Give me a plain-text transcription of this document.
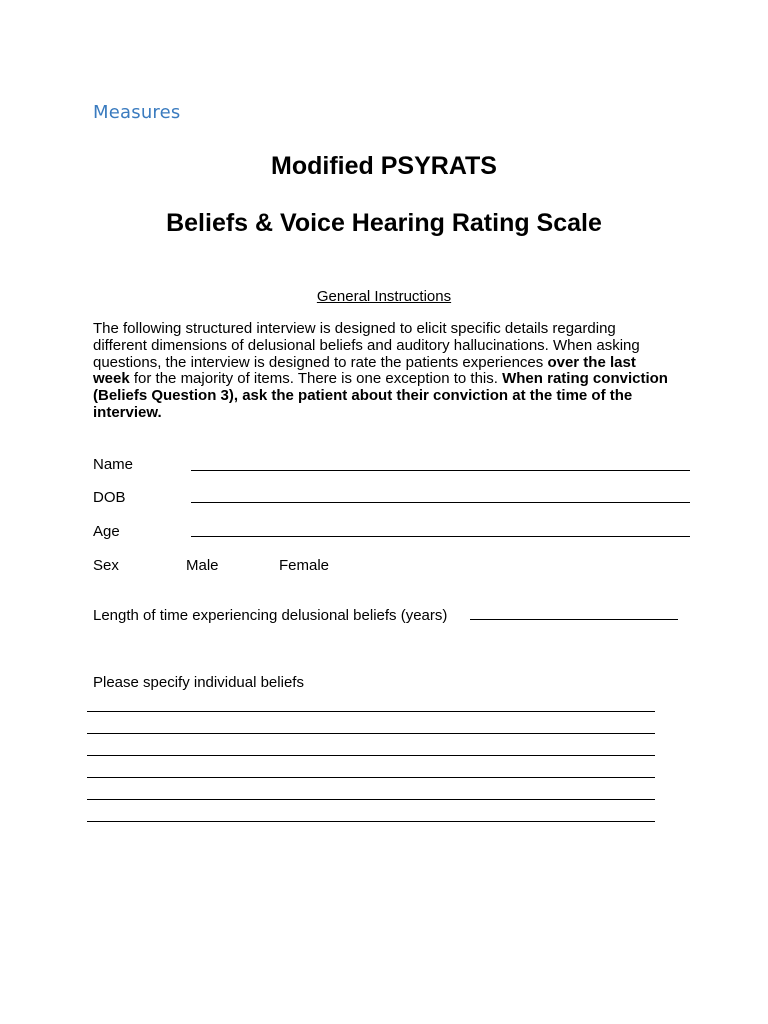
Measures
Modified PSYRATS
Beliefs & Voice Hearing Rating Scale
General Instructions
The following structured interview is designed to elicit specific details regarding different dimensions of delusional beliefs and auditory hallucinations. When asking questions, the interview is designed to rate the patients experiences over the last week for the majority of items. There is one exception to this. When rating conviction (Beliefs Question 3), ask the patient about their conviction at the time of the interview.
Name
DOB
Age
Sex	Male	Female
Length of time experiencing delusional beliefs (years)
Please specify individual beliefs
